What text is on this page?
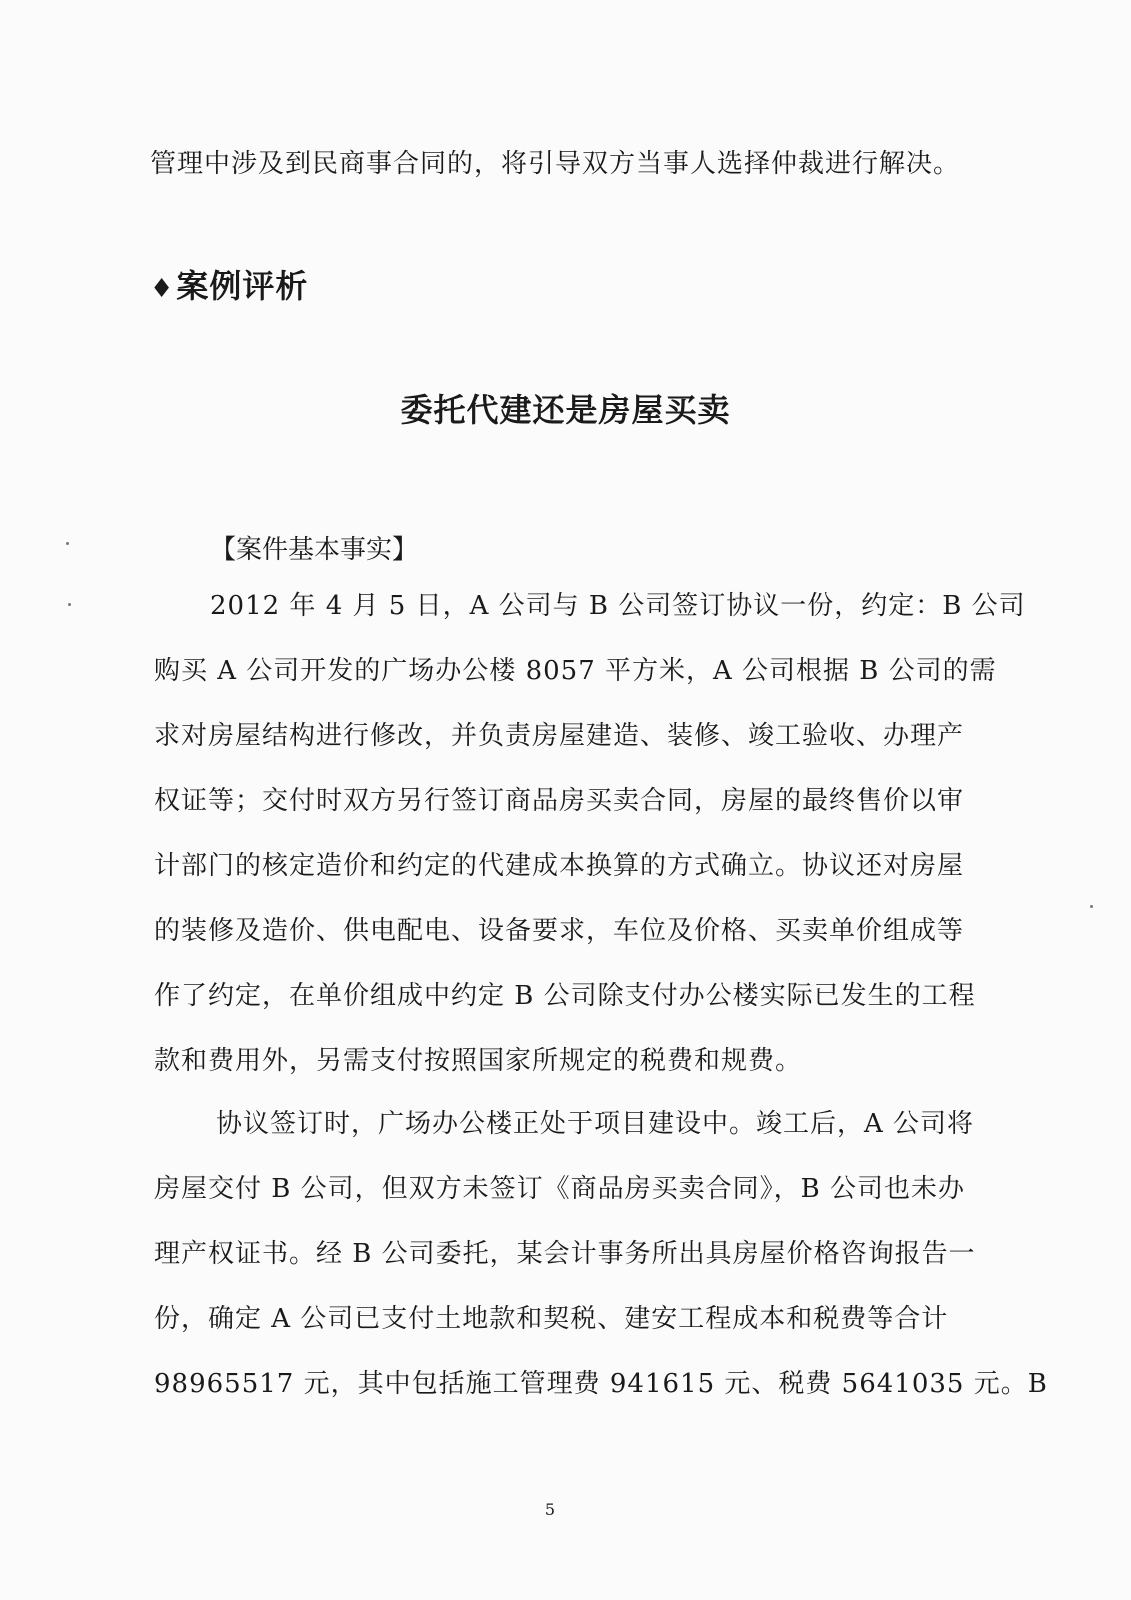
管理中涉及到民商事合同的，将引导双方当事人选择仲裁进行解决。
♦案例评析
委托代建还是房屋买卖
【案件基本事实】
2012 年 4 月 5 日，A 公司与 B 公司签订协议一份，约定：B 公司
购买 A 公司开发的广场办公楼 8057 平方米，A 公司根据 B 公司的需
求对房屋结构进行修改，并负责房屋建造、装修、竣工验收、办理产
权证等；交付时双方另行签订商品房买卖合同，房屋的最终售价以审
计部门的核定造价和约定的代建成本换算的方式确立。协议还对房屋
的装修及造价、供电配电、设备要求，车位及价格、买卖单价组成等
作了约定，在单价组成中约定 B 公司除支付办公楼实际已发生的工程
款和费用外，另需支付按照国家所规定的税费和规费。
协议签订时，广场办公楼正处于项目建设中。竣工后，A 公司将
房屋交付 B 公司，但双方未签订《商品房买卖合同》，B 公司也未办
理产权证书。经 B 公司委托，某会计事务所出具房屋价格咨询报告一
份，确定 A 公司已支付土地款和契税、建安工程成本和税费等合计
98965517 元，其中包括施工管理费 941615 元、税费 5641035 元。B
5
